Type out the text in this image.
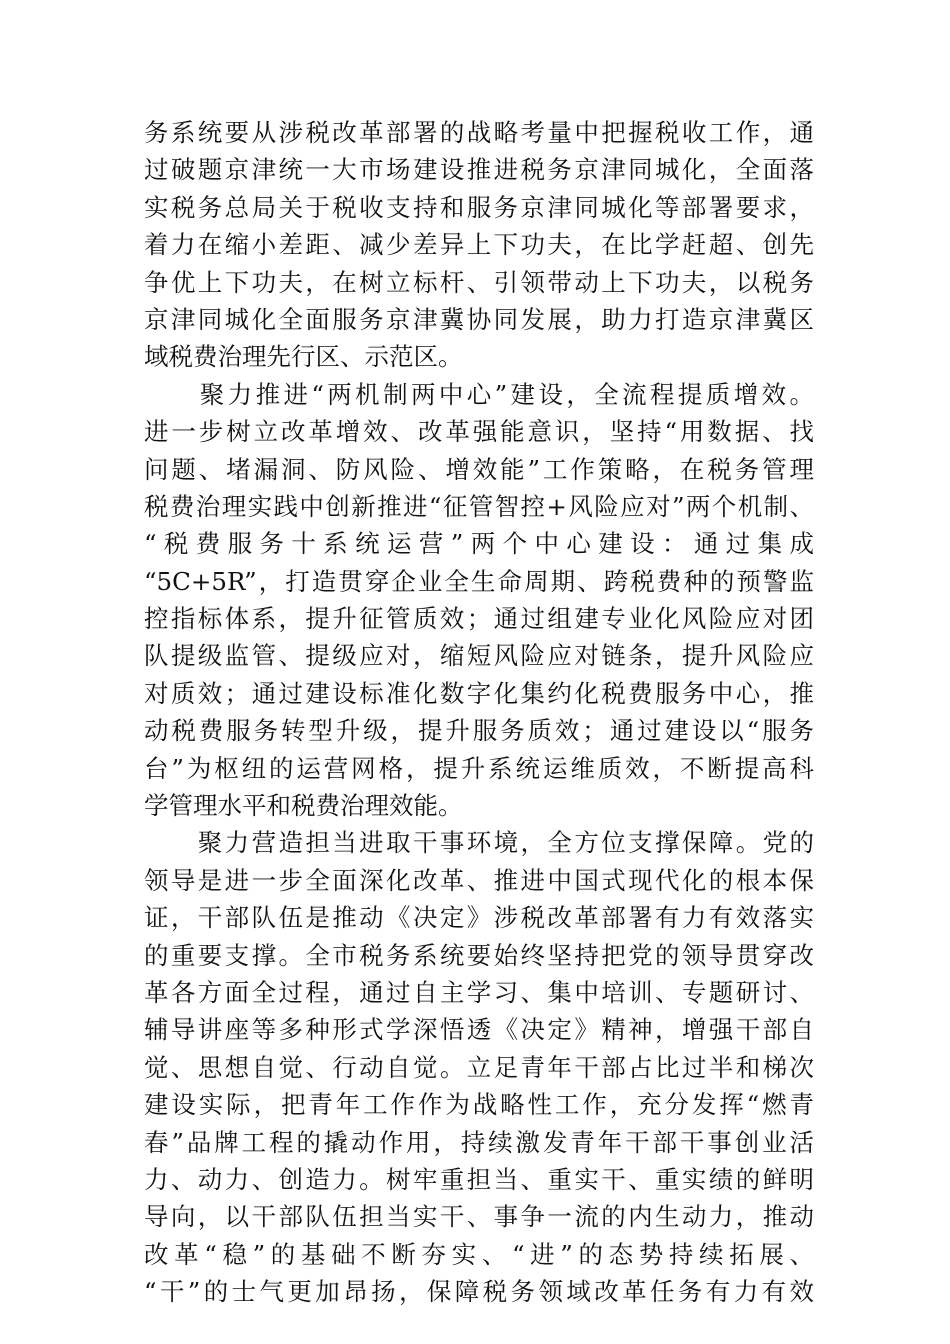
务系统要从涉税改革部署的战略考量中把握税收工作，通
过破题京津统一大市场建设推进税务京津同城化，全面落
实税务总局关于税收支持和服务京津同城化等部署要求，
着力在缩小差距、减少差异上下功夫，在比学赶超、创先
争优上下功夫，在树立标杆、引领带动上下功夫，以税务
京津同城化全面服务京津冀协同发展，助力打造京津冀区
域税费治理先行区、示范区。
　　聚力推进“两机制两中心”建设，全流程提质增效。
进一步树立改革增效、改革强能意识，坚持“用数据、找
问题、堵漏洞、防风险、增效能”工作策略，在税务管理
税费治理实践中创新推进“征管智控+风险应对”两个机制、
“税费服务十系统运营”两个中心建设：通过集成
“5C+5R”，打造贯穿企业全生命周期、跨税费种的预警监
控指标体系，提升征管质效；通过组建专业化风险应对团
队提级监管、提级应对，缩短风险应对链条，提升风险应
对质效；通过建设标准化数字化集约化税费服务中心，推
动税费服务转型升级，提升服务质效；通过建设以“服务
台”为枢纽的运营网格，提升系统运维质效，不断提高科
学管理水平和税费治理效能。
　　聚力营造担当进取干事环境，全方位支撑保障。党的
领导是进一步全面深化改革、推进中国式现代化的根本保
证，干部队伍是推动《决定》涉税改革部署有力有效落实
的重要支撑。全市税务系统要始终坚持把党的领导贯穿改
革各方面全过程，通过自主学习、集中培训、专题研讨、
辅导讲座等多种形式学深悟透《决定》精神，增强干部自
觉、思想自觉、行动自觉。立足青年干部占比过半和梯次
建设实际，把青年工作作为战略性工作，充分发挥“燃青
春”品牌工程的撬动作用，持续激发青年干部干事创业活
力、动力、创造力。树牢重担当、重实干、重实绩的鲜明
导向，以干部队伍担当实干、事争一流的内生动力，推动
改革“稳”的基础不断夯实、“进”的态势持续拓展、
“干”的士气更加昂扬，保障税务领域改革任务有力有效
